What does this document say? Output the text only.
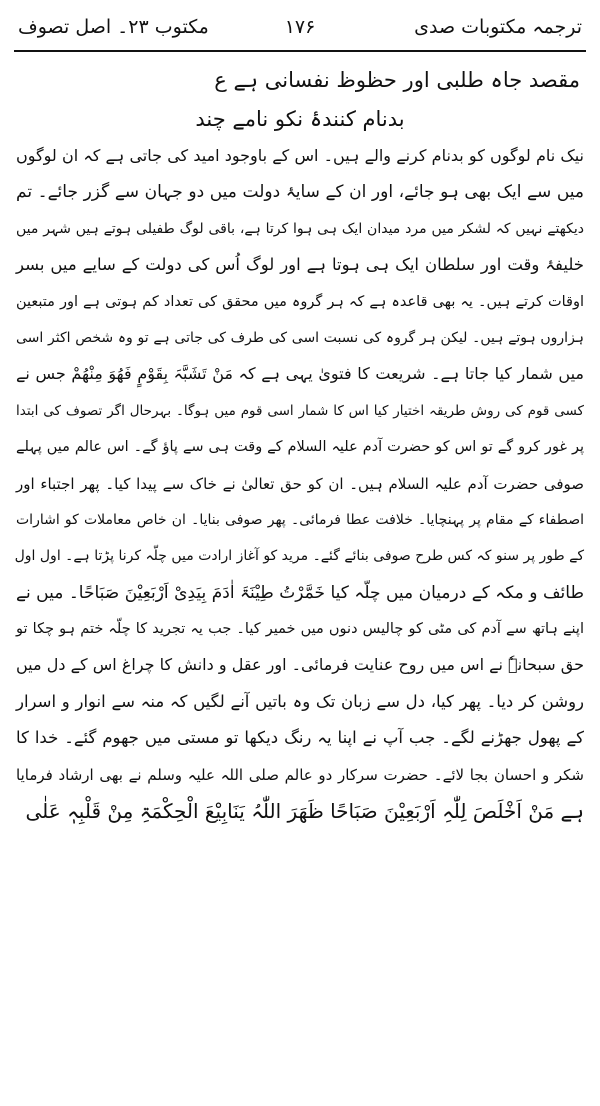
ترجمہ مکتوبات صدی
۱۷۶
مکتوب ۲۳۔ اصل تصوف
مقصد جاہ طلبی اور حظوظ نفسانی ہے ع
بدنام کنندۂ نکو نامے چند
نیک نام لوگوں کو بدنام کرنے والے ہیں۔ اس کے باوجود امید کی جاتی ہے کہ ان لوگوں
میں سے ایک بھی ہو جائے، اور ان کے سایۂ دولت میں دو جہان سے گزر جائے۔ تم
دیکھتے نہیں کہ لشکر میں مرد میدان ایک ہی ہوا کرتا ہے، باقی لوگ طفیلی ہوتے ہیں شہر میں
خلیفۂ وقت اور سلطان ایک ہی ہوتا ہے اور لوگ اُس کی دولت کے سایے میں بسر
اوقات کرتے ہیں۔ یہ بھی قاعدہ ہے کہ ہر گروہ میں محقق کی تعداد کم ہوتی ہے اور متبعین
ہزاروں ہوتے ہیں۔ لیکن ہر گروہ کی نسبت اسی کی طرف کی جاتی ہے تو وہ شخص اکثر اسی
میں شمار کیا جاتا ہے۔ شریعت کا فتویٰ یہی ہے کہ مَنْ تَشَبَّہَ بِقَوْمٍ فَھُوَ مِنْھُمْ جس نے
کسی قوم کی روش طریقہ اختیار کیا اس کا شمار اسی قوم میں ہوگا۔ بہرحال اگر تصوف کی ابتدا
پر غور کرو گے تو اس کو حضرت آدم علیہ السلام کے وقت ہی سے پاؤ گے۔ اس عالم میں پہلے
صوفی حضرت آدم علیہ السلام ہیں۔ ان کو حق تعالیٰ نے خاک سے پیدا کیا۔ پھر اجتباء اور
اصطفاء کے مقام پر پہنچایا۔ خلافت عطا فرمائی۔ پھر صوفی بنایا۔ ان خاص معاملات کو اشارات
کے طور پر سنو کہ کس طرح صوفی بنائے گئے۔ مرید کو آغاز ارادت میں چلّہ کرنا پڑتا ہے۔ اول اول
طائف و مکہ کے درمیان میں چلّہ کیا خَمَّرْتُ طِیْنَۃَ اٰدَمَ بِیَدِیْ اَرْبَعِیْنَ صَبَاحًا۔ میں نے
اپنے ہاتھ سے آدم کی مٹی کو چالیس دنوں میں خمیر کیا۔ جب یہ تجرید کا چلّہ ختم ہو چکا تو
حق سبحانہٗ نے اس میں روح عنایت فرمائی۔ اور عقل و دانش کا چراغ اس کے دل میں
روشن کر دیا۔ پھر کیا، دل سے زبان تک وہ باتیں آنے لگیں کہ منہ سے انوار و اسرار
کے پھول جھڑنے لگے۔ جب آپ نے اپنا یہ رنگ دیکھا تو مستی میں جھوم گئے۔ خدا کا
شکر و احسان بجا لائے۔ حضرت سرکار دو عالم صلی اللہ علیہ وسلم نے بھی ارشاد فرمایا
ہے مَنْ اَخْلَصَ لِلّٰہِ اَرْبَعِیْنَ صَبَاحًا ظَھَرَ اللّٰہُ یَنَابِیْعَ الْحِکْمَۃِ مِنْ قَلْبِہٖ عَلٰی
